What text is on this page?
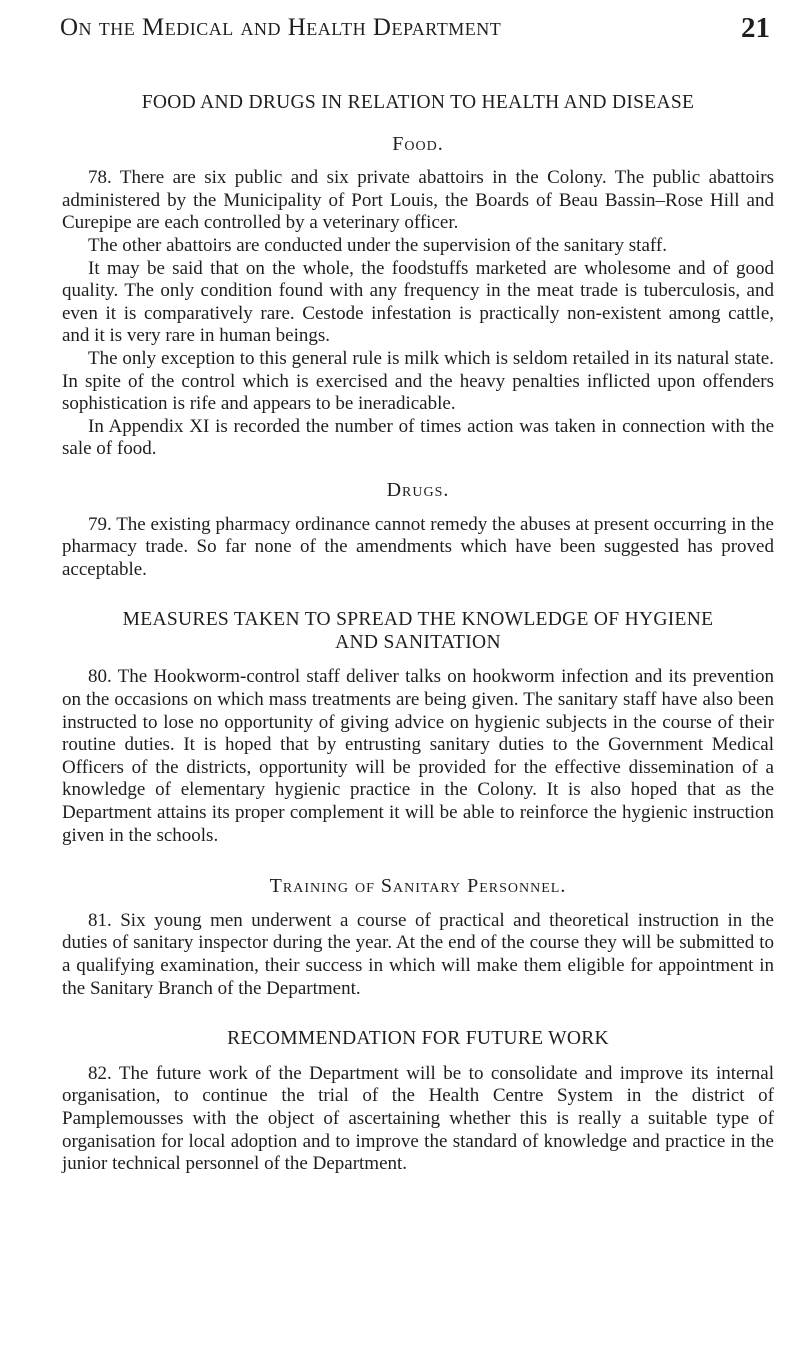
On the Medical and Health Department	21
FOOD AND DRUGS IN RELATION TO HEALTH AND DISEASE
Food.

78. There are six public and six private abattoirs in the Colony. The public abattoirs administered by the Municipality of Port Louis, the Boards of Beau Bassin–Rose Hill and Curepipe are each controlled by a veterinary officer.

The other abattoirs are conducted under the supervision of the sanitary staff.

It may be said that on the whole, the foodstuffs marketed are wholesome and of good quality. The only condition found with any frequency in the meat trade is tuberculosis, and even it is comparatively rare. Cestode infestation is practically non-existent among cattle, and it is very rare in human beings.

The only exception to this general rule is milk which is seldom retailed in its natural state. In spite of the control which is exercised and the heavy penalties inflicted upon offenders sophistication is rife and appears to be ineradicable.

In Appendix XI is recorded the number of times action was taken in connection with the sale of food.

Drugs.

79. The existing pharmacy ordinance cannot remedy the abuses at present occurring in the pharmacy trade. So far none of the amendments which have been suggested has proved acceptable.

MEASURES TAKEN TO SPREAD THE KNOWLEDGE OF HYGIENE
AND SANITATION

80. The Hookworm-control staff deliver talks on hookworm infection and its prevention on the occasions on which mass treatments are being given. The sanitary staff have also been instructed to lose no opportunity of giving advice on hygienic subjects in the course of their routine duties. It is hoped that by entrusting sanitary duties to the Government Medical Officers of the districts, opportunity will be provided for the effective dissemination of a knowledge of elementary hygienic practice in the Colony. It is also hoped that as the Department attains its proper complement it will be able to reinforce the hygienic instruction given in the schools.

Training of Sanitary Personnel.

81. Six young men underwent a course of practical and theoretical instruction in the duties of sanitary inspector during the year. At the end of the course they will be submitted to a qualifying examination, their success in which will make them eligible for appointment in the Sanitary Branch of the Department.

RECOMMENDATION FOR FUTURE WORK

82. The future work of the Department will be to consolidate and improve its internal organisation, to continue the trial of the Health Centre System in the district of Pamplemousses with the object of ascertaining whether this is really a suitable type of organisation for local adoption and to improve the standard of knowledge and practice in the junior technical personnel of the Department.
